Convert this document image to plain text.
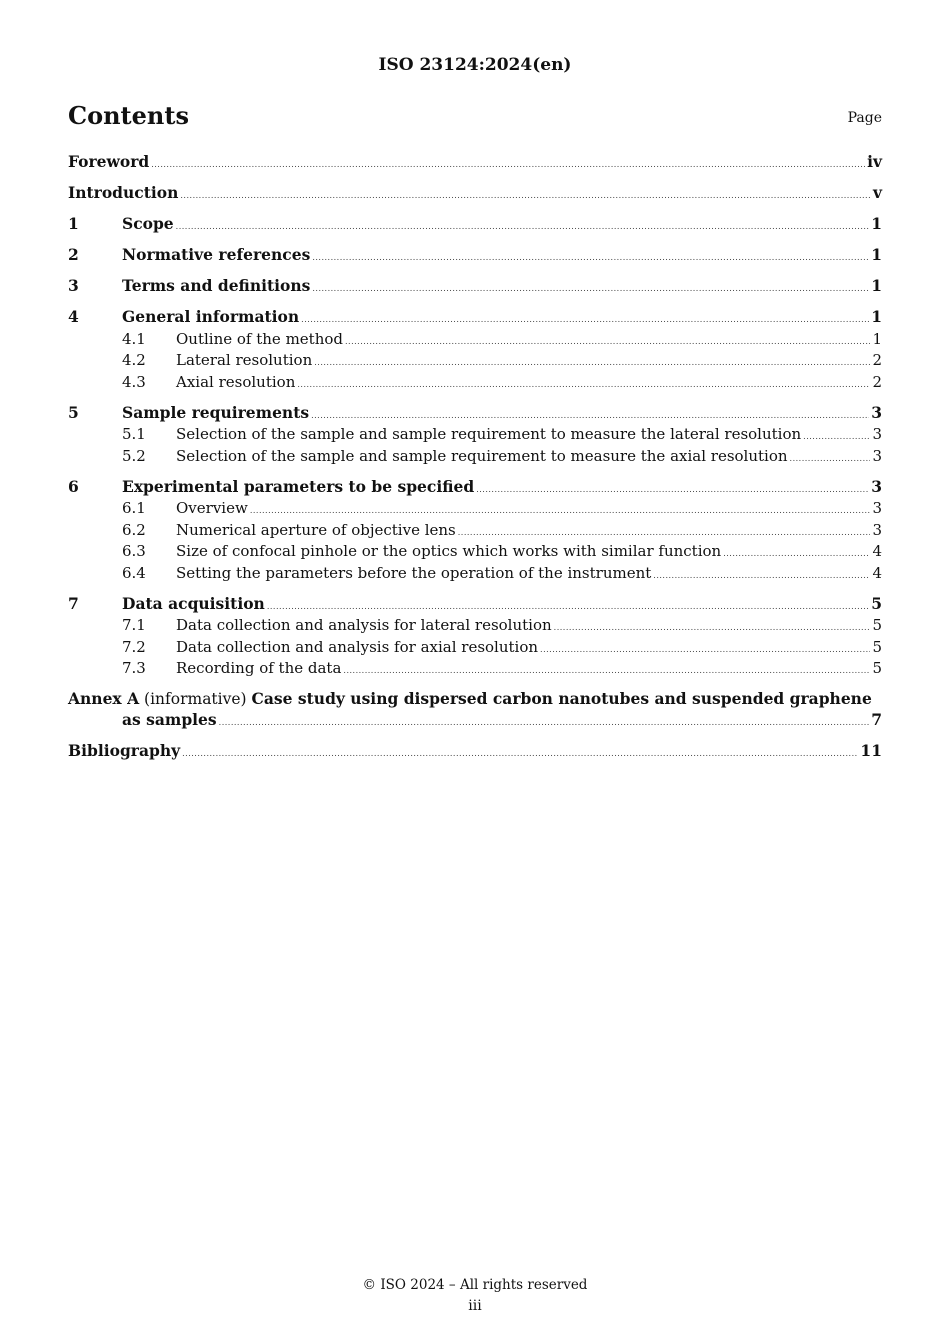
ISO 23124:2024(en)
Contents	Page
Foreword .....	iv
Introduction .....	v
1	Scope .....	1
2	Normative references .....	1
3	Terms and definitions .....	1
4	General information .....	1
4.1	Outline of the method .....	1
4.2	Lateral resolution .....	2
4.3	Axial resolution .....	2
5	Sample requirements .....	3
5.1	Selection of the sample and sample requirement to measure the lateral resolution .....	3
5.2	Selection of the sample and sample requirement to measure the axial resolution .....	3
6	Experimental parameters to be specified .....	3
6.1	Overview .....	3
6.2	Numerical aperture of objective lens .....	3
6.3	Size of confocal pinhole or the optics which works with similar function .....	4
6.4	Setting the parameters before the operation of the instrument .....	4
7	Data acquisition .....	5
7.1	Data collection and analysis for lateral resolution .....	5
7.2	Data collection and analysis for axial resolution .....	5
7.3	Recording of the data .....	5
Annex A (informative) Case study using dispersed carbon nanotubes and suspended graphene
as samples .....	7
Bibliography .....	11
© ISO 2024 – All rights reserved
iii
